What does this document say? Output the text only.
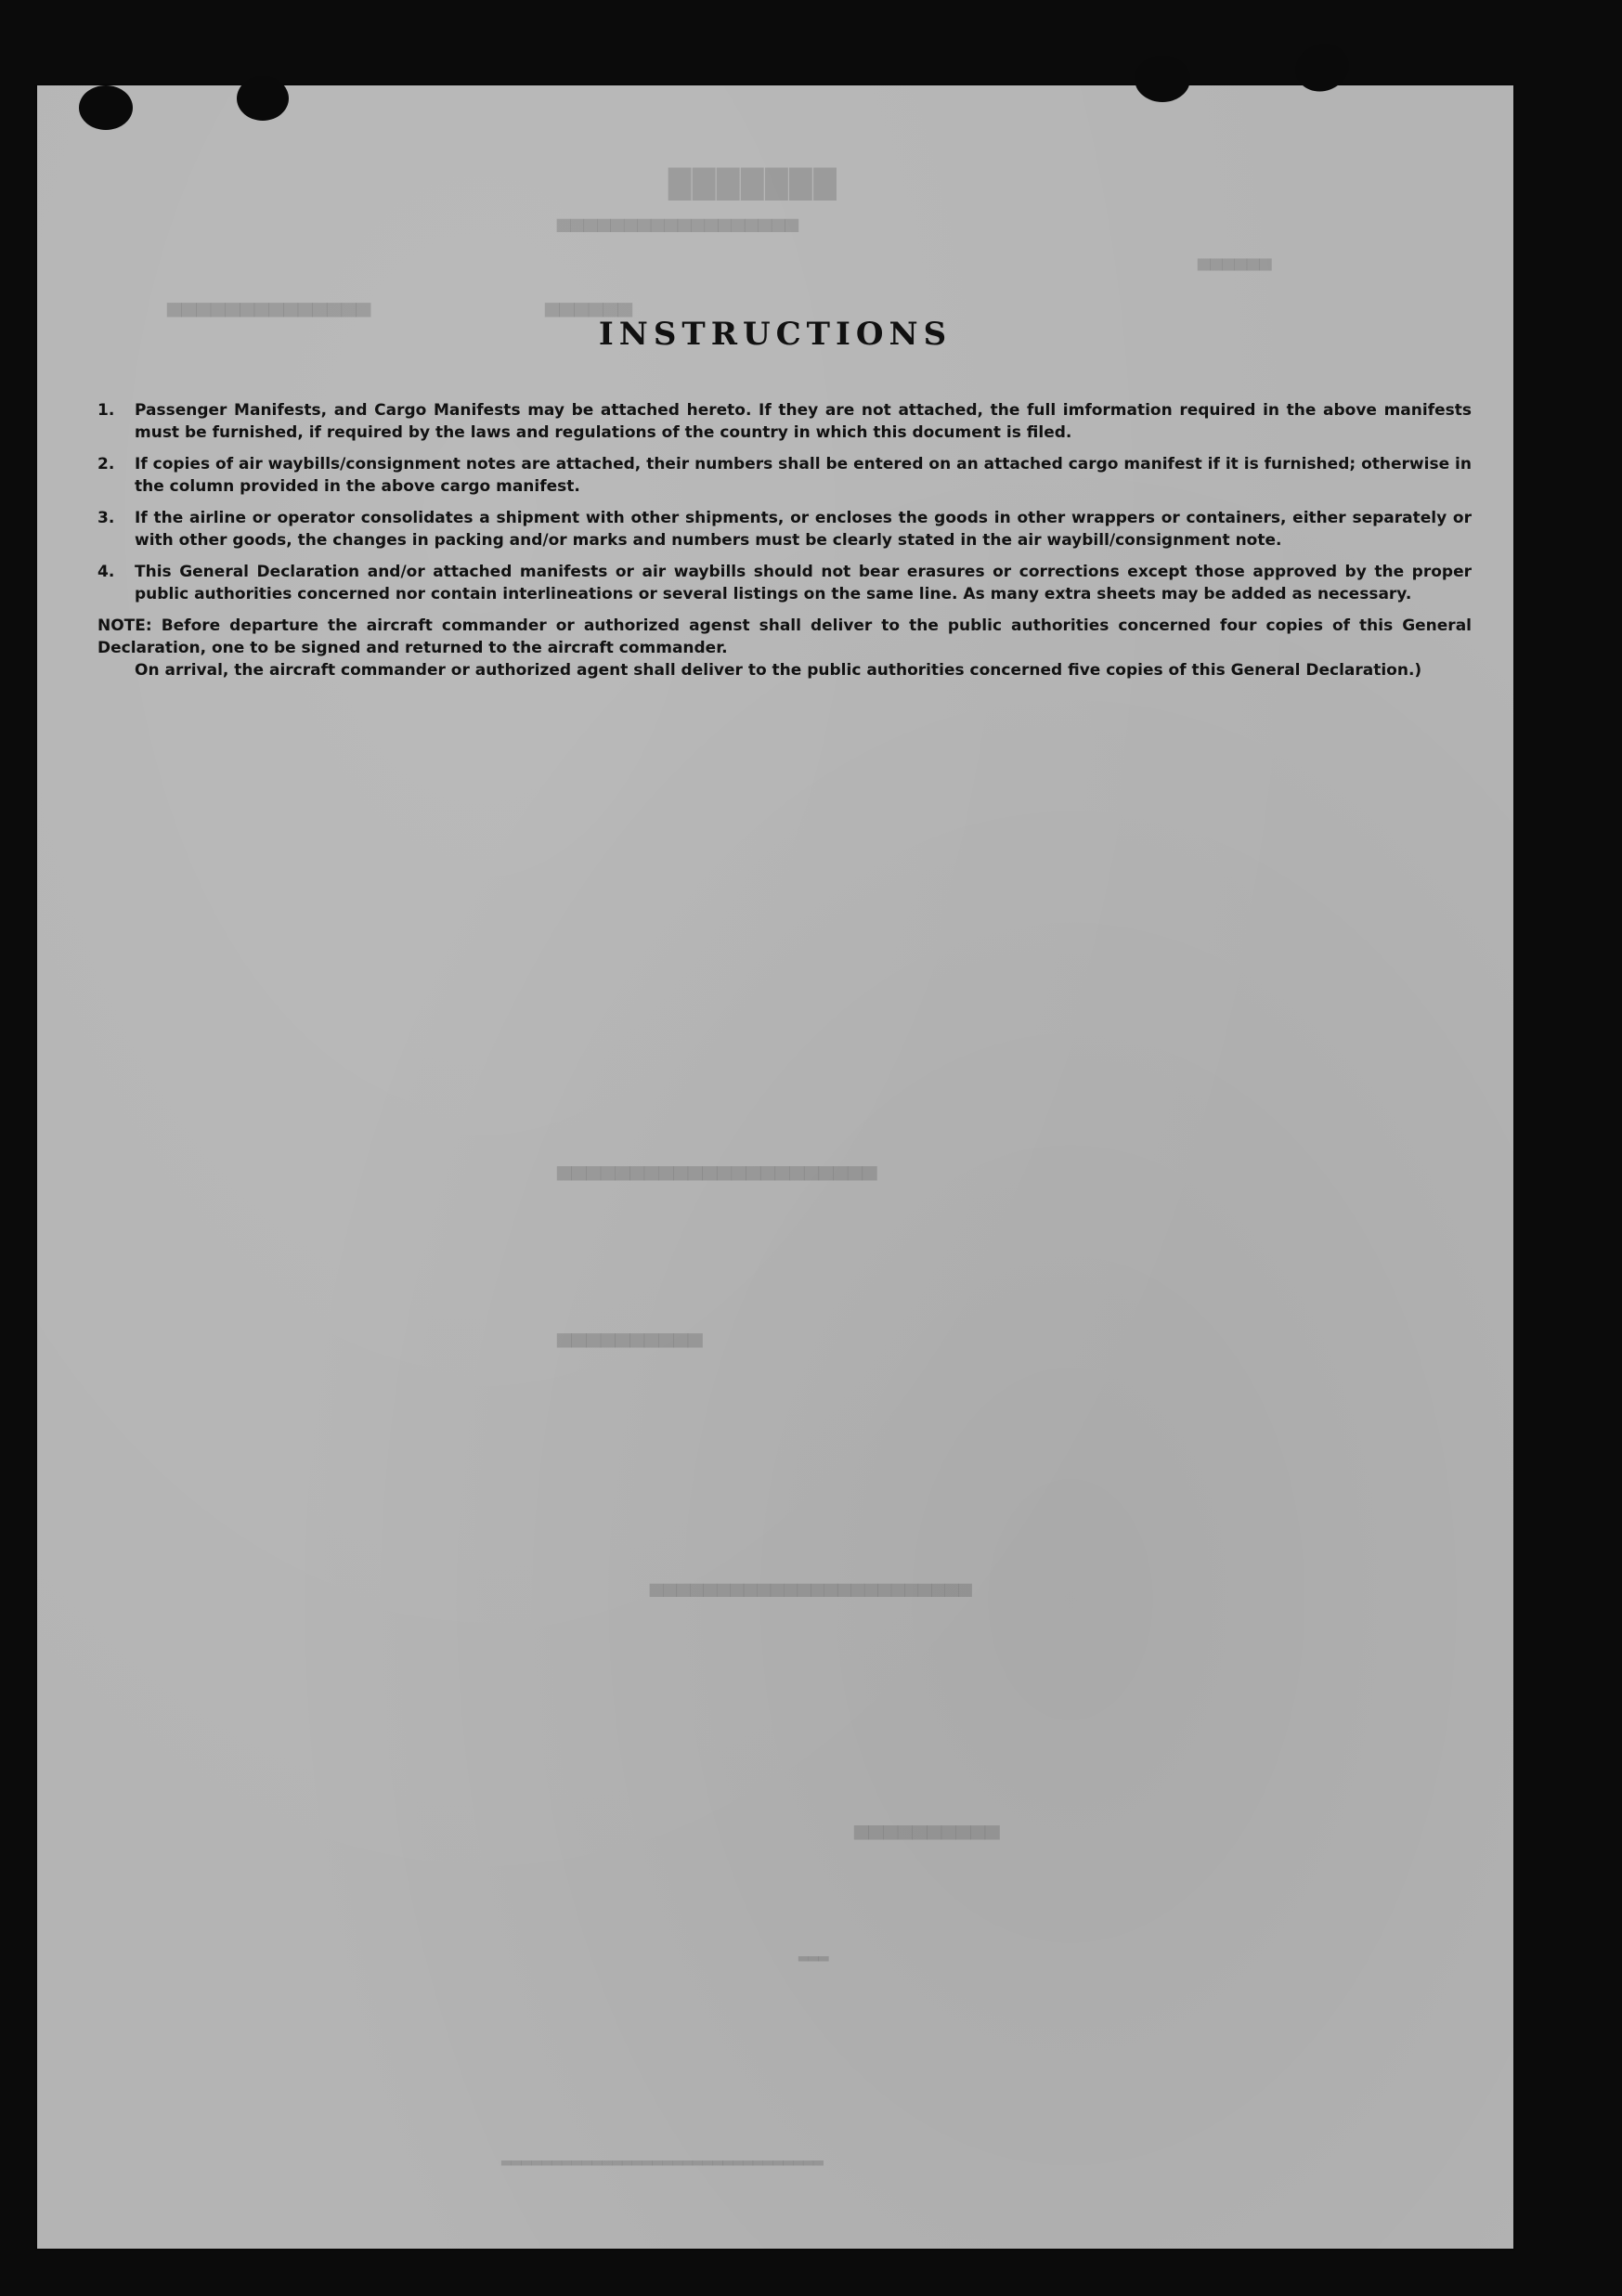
▆▆▆▆▆▆▆
▄▄▄▄▄▄▄▄▄▄▄▄▄▄▄▄▄▄
▄▄▄▄▄▄
▄▄▄▄▄▄▄▄▄▄▄▄▄▄            ▄▄▄▄▄▄
▄▄▄▄▄▄▄▄▄▄▄▄▄▄▄▄▄▄▄▄▄▄
▄▄▄▄▄▄▄▄▄▄
▄▄▄▄▄▄▄▄▄▄▄▄▄▄▄▄▄▄▄▄▄▄▄▄
▄▄▄▄▄▄▄▄▄▄
▂▂▂
▂▂▂▂▂▂▂▂▂▂▂▂▂▂▂▂▂▂▂▂▂▂▂▂▂▂▂▂▂▂▂▂
INSTRUCTIONS
1. Passenger Manifests, and Cargo Manifests may be attached hereto. If they are not attached, the full imformation required in the above manifests must be furnished, if required by the laws and regulations of the country in which this document is filed.
2. If copies of air waybills/consignment notes are attached, their numbers shall be entered on an attached cargo manifest if it is furnished; otherwise in the column provided in the above cargo manifest.
3. If the airline or operator consolidates a shipment with other shipments, or encloses the goods in other wrappers or containers, either separately or with other goods, the changes in packing and/or marks and numbers must be clearly stated in the air waybill/consignment note.
4. This General Declaration and/or attached manifests or air waybills should not bear erasures or corrections except those approved by the proper public authorities concerned nor contain interlineations or several listings on the same line. As many extra sheets may be added as necessary.
NOTE: Before departure the aircraft commander or authorized agenst shall deliver to the public authorities concerned four copies of this General Declaration, one to be signed and returned to the aircraft commander.
On arrival, the aircraft commander or authorized agent shall deliver to the public authorities concerned five copies of this General Declaration.)
